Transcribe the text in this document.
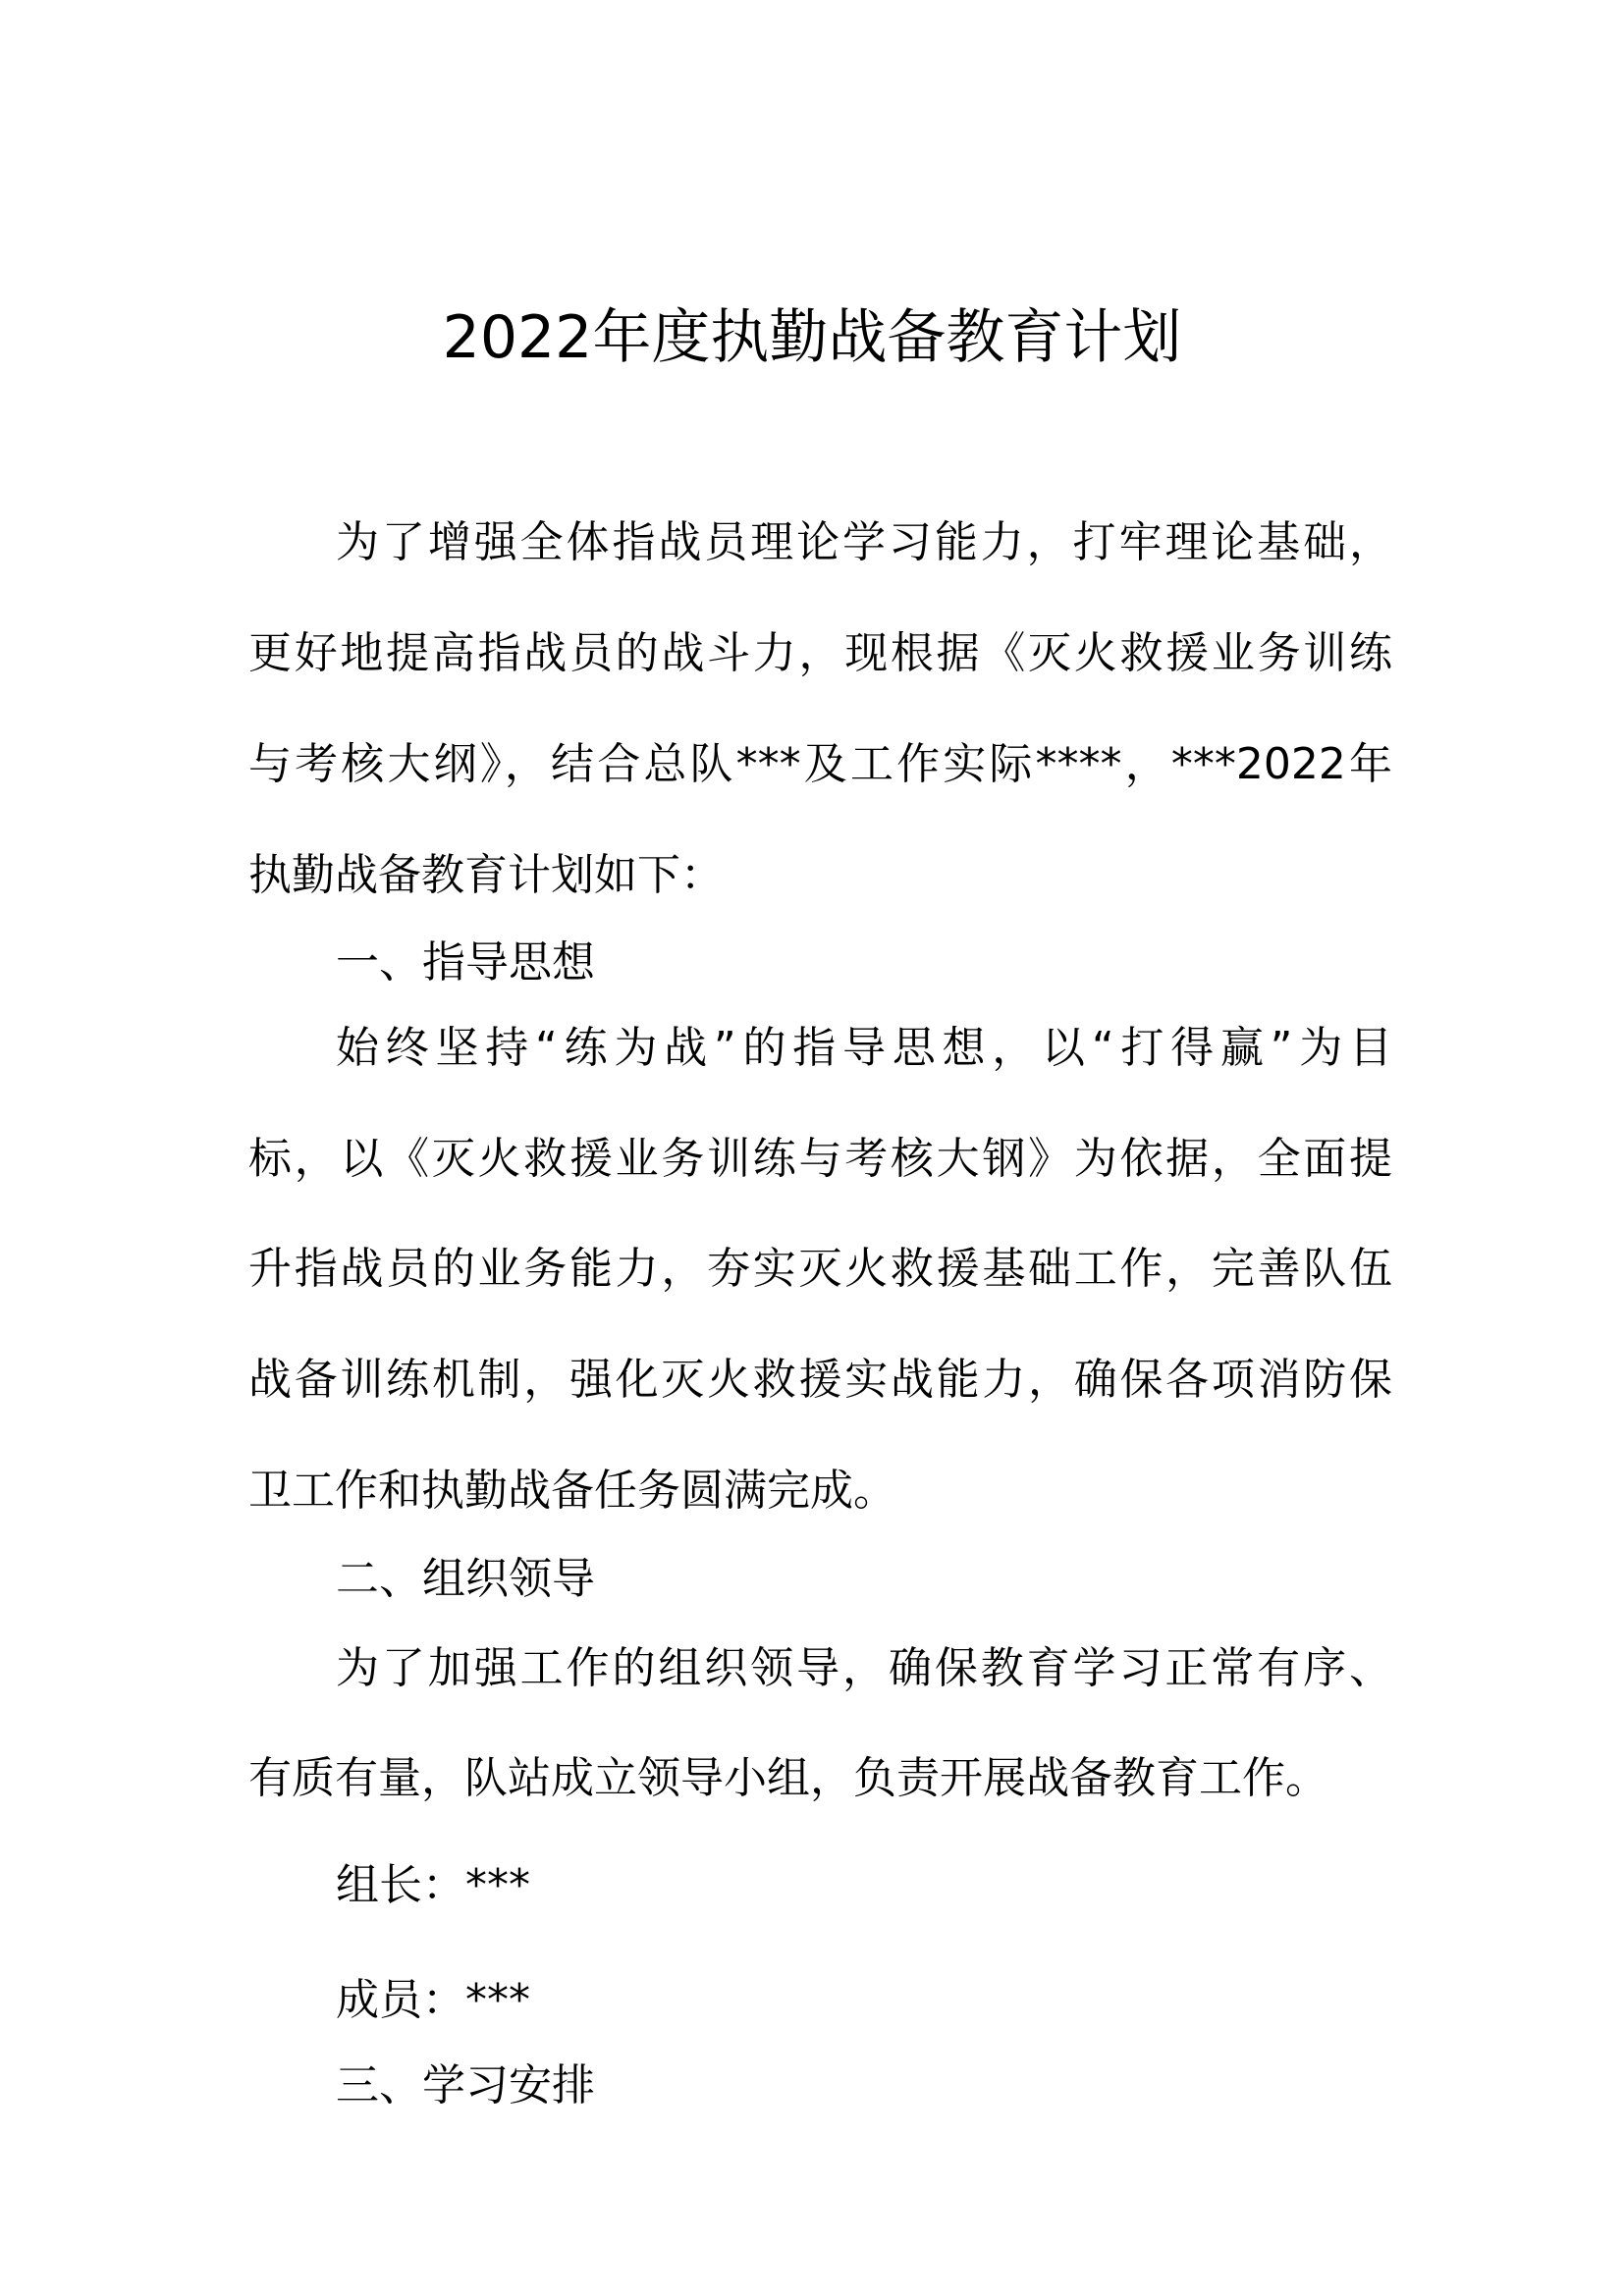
2022年度执勤战备教育计划
为了增强全体指战员理论学习能力，打牢理论基础，
更好地提高指战员的战斗力，现根据《灭火救援业务训练
与考核大纲》，结合总队***及工作实际****，***2022年
执勤战备教育计划如下：
一、指导思想
始终坚持“练为战”的指导思想，以“打得赢”为目
标，以《灭火救援业务训练与考核大钢》为依据，全面提
升指战员的业务能力，夯实灭火救援基础工作，完善队伍
战备训练机制，强化灭火救援实战能力，确保各项消防保
卫工作和执勤战备任务圆满完成。
二、组织领导
为了加强工作的组织领导，确保教育学习正常有序、
有质有量，队站成立领导小组，负责开展战备教育工作。
组长：***
成员：***
三、学习安排
